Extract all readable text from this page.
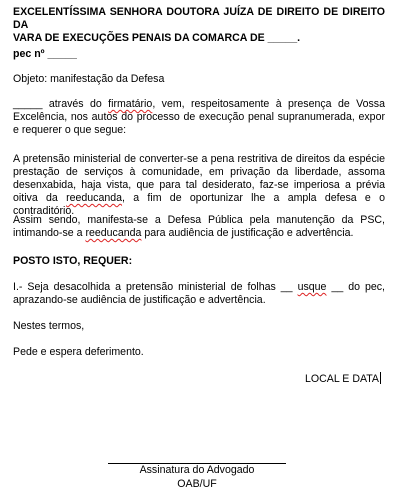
EXCELENTÍSSIMA SENHORA DOUTORA JUÍZA DE DIREITO DE DIREITO DA
VARA DE EXECUÇÕES PENAIS DA COMARCA DE _____.

pec nº _____

Objeto: manifestação da Defesa

_____ através do firmatário, vem, respeitosamente à presença de Vossa Excelência, nos autos do processo de execução penal supranumerada, expor e requerer o que segue:

A pretensão ministerial de converter-se a pena restritiva de direitos da espécie prestação de serviços à comunidade, em privação da liberdade, assoma desenxabida, haja vista, que para tal desiderato, faz-se imperiosa a prévia oitiva da reeducanda, a fim de oportunizar lhe a ampla defesa e o contraditório.

Assim sendo, manifesta-se a Defesa Pública pela manutenção da PSC, intimando-se a reeducanda para audiência de justificação e advertência.

POSTO ISTO, REQUER:

I.- Seja desacolhida a pretensão ministerial de folhas __ usque __ do pec, aprazando-se audiência de justificação e advertência.

Nestes termos,

Pede e espera deferimento.

LOCAL E DATA

Assinatura do Advogado

OAB/UF
